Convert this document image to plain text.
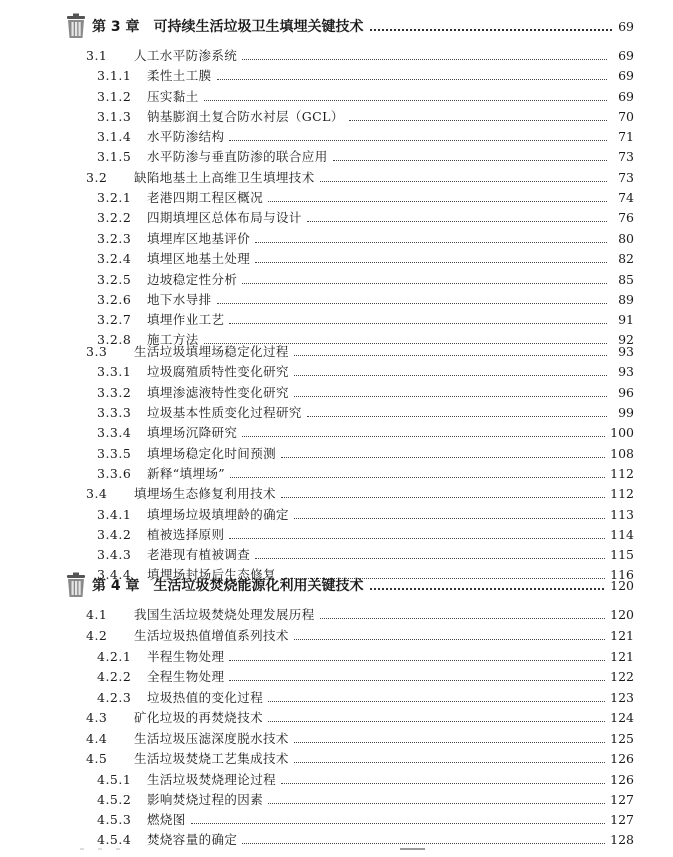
第 3 章 可持续生活垃圾卫生填埋关键技术	69
3.1	人工水平防渗系统	69
3.1.1	柔性土工膜	69
3.1.2	压实黏土	69
3.1.3	钠基膨润土复合防水衬层（GCL）	70
3.1.4	水平防渗结构	71
3.1.5	水平防渗与垂直防渗的联合应用	73
3.2	缺陷地基土上高维卫生填埋技术	73
3.2.1	老港四期工程区概况	74
3.2.2	四期填埋区总体布局与设计	76
3.2.3	填埋库区地基评价	80
3.2.4	填埋区地基土处理	82
3.2.5	边坡稳定性分析	85
3.2.6	地下水导排	89
3.2.7	填埋作业工艺	91
3.2.8	施工方法	92
3.3	生活垃圾填埋场稳定化过程	93
3.3.1	垃圾腐殖质特性变化研究	93
3.3.2	填埋渗滤液特性变化研究	96
3.3.3	垃圾基本性质变化过程研究	99
3.3.4	填埋场沉降研究	100
3.3.5	填埋场稳定化时间预测	108
3.3.6	新释“填埋场”	112
3.4	填埋场生态修复利用技术	112
3.4.1	填埋场垃圾填埋龄的确定	113
3.4.2	植被选择原则	114
3.4.3	老港现有植被调查	115
3.4.4	填埋场封场后生态修复	116
第 4 章 生活垃圾焚烧能源化利用关键技术	120
4.1	我国生活垃圾焚烧处理发展历程	120
4.2	生活垃圾热值增值系列技术	121
4.2.1	半程生物处理	121
4.2.2	全程生物处理	122
4.2.3	垃圾热值的变化过程	123
4.3	矿化垃圾的再焚烧技术	124
4.4	生活垃圾压滤深度脱水技术	125
4.5	生活垃圾焚烧工艺集成技术	126
4.5.1	生活垃圾焚烧理论过程	126
4.5.2	影响焚烧过程的因素	127
4.5.3	燃烧图	127
4.5.4	焚烧容量的确定	128
